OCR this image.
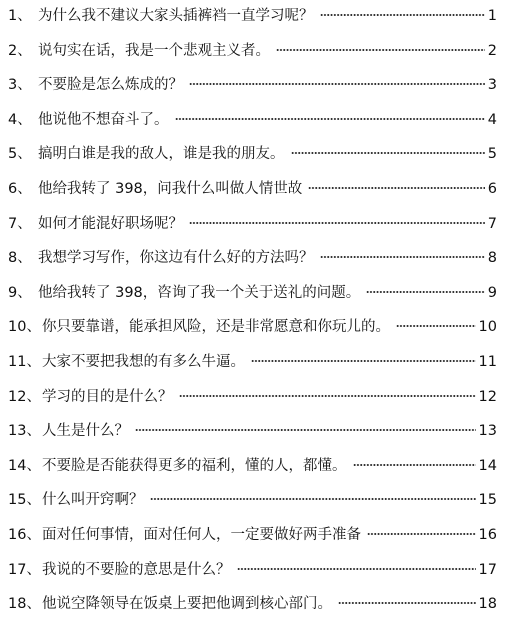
1、 为什么我不建议大家头插裤裆一直学习呢？	1
2、 说句实在话，我是一个悲观主义者。	2
3、 不要脸是怎么炼成的？	3
4、 他说他不想奋斗了。	4
5、 搞明白谁是我的敌人，谁是我的朋友。	5
6、 他给我转了 398，问我什么叫做人情世故	6
7、 如何才能混好职场呢？	7
8、 我想学习写作，你这边有什么好的方法吗？	8
9、 他给我转了 398，咨询了我一个关于送礼的问题。	9
10、 你只要靠谱，能承担风险，还是非常愿意和你玩儿的。	10
11、 大家不要把我想的有多么牛逼。	11
12、 学习的目的是什么？	12
13、 人生是什么？	13
14、 不要脸是否能获得更多的福利，懂的人，都懂。	14
15、 什么叫开窍啊？	15
16、 面对任何事情，面对任何人，一定要做好两手准备	16
17、 我说的不要脸的意思是什么？	17
18、 他说空降领导在饭桌上要把他调到核心部门。	18
